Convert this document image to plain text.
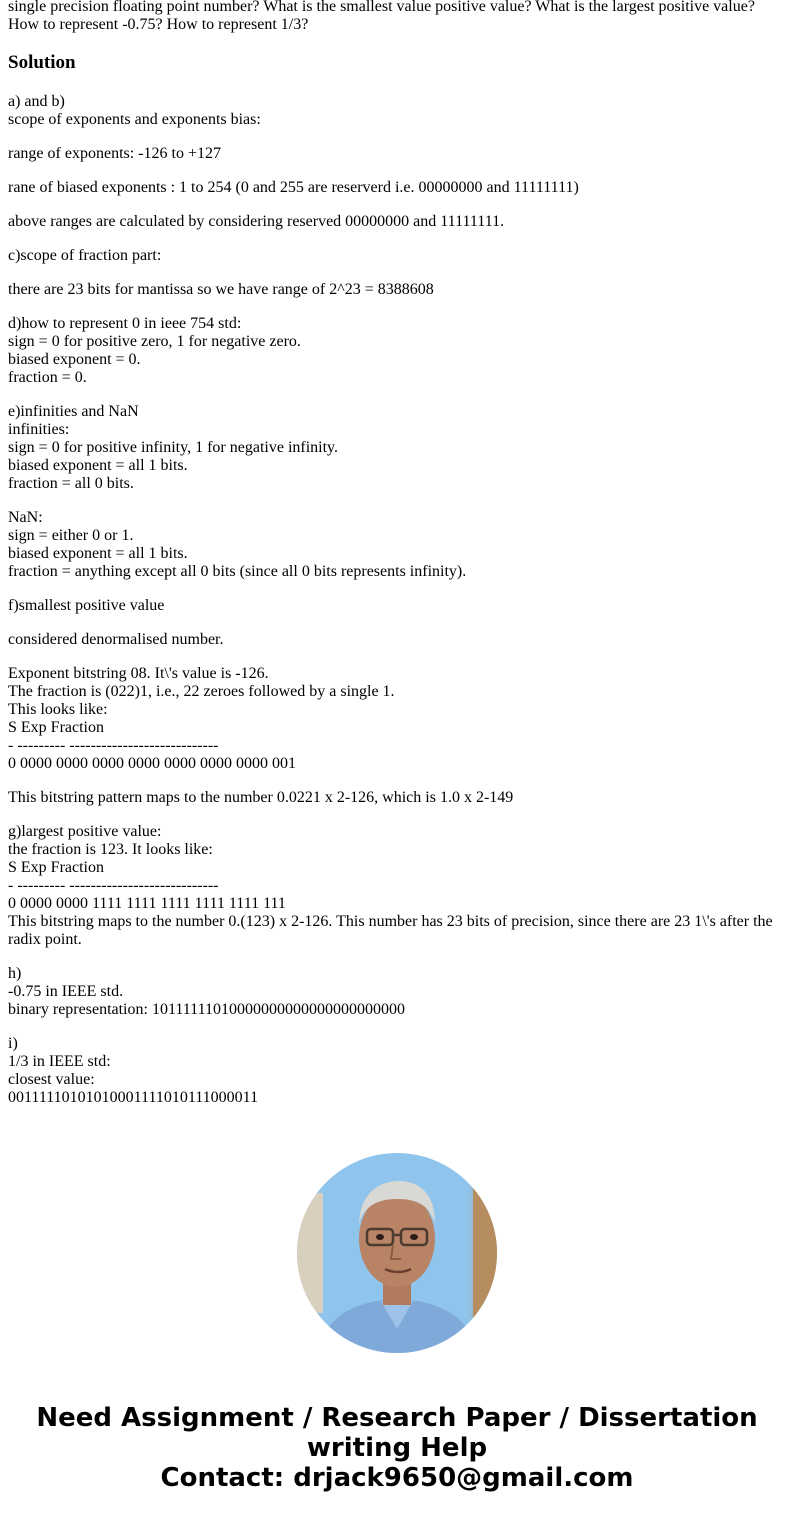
single precision floating point number? What is the smallest value positive value? What is the largest positive value?

How to represent -0.75? How to represent 1/3?

Solution

a) and b)

scope of exponents and exponents bias:

range of exponents: -126 to +127

rane of biased exponents : 1 to 254 (0 and 255 are reserverd i.e. 00000000 and 11111111)

above ranges are calculated by considering reserved 00000000 and 11111111.

c)scope of fraction part:

there are 23 bits for mantissa so we have range of 2^23 = 8388608

d)how to represent 0 in ieee 754 std:

sign = 0 for positive zero, 1 for negative zero.

biased exponent = 0.

fraction = 0.

e)infinities and NaN

infinities:

sign = 0 for positive infinity, 1 for negative infinity.

biased exponent = all 1 bits.

fraction = all 0 bits.

NaN:

sign = either 0 or 1.

biased exponent = all 1 bits.

fraction = anything except all 0 bits (since all 0 bits represents infinity).

f)smallest positive value

considered denormalised number.

Exponent bitstring 08. It\'s value is -126.

The fraction is (022)1, i.e., 22 zeroes followed by a single 1.

This looks like:

S Exp Fraction

- --------- ----------------------------

0 0000 0000 0000 0000 0000 0000 0000 001

This bitstring pattern maps to the number 0.0221 x 2-126, which is 1.0 x 2-149

g)largest positive value:

the fraction is 123. It looks like:

S Exp Fraction

- --------- ----------------------------

0 0000 0000 1111 1111 1111 1111 1111 111

This bitstring maps to the number 0.(123) x 2-126. This number has 23 bits of precision, since there are 23 1\'s after the radix point.

h)

-0.75 in IEEE std.

binary representation: 10111111010000000000000000000000

i)

1/3 in IEEE std:

closest value:

00111110101010001111010111000011

Need Assignment / Research Paper / Dissertation
writing Help
Contact: drjack9650@gmail.com
